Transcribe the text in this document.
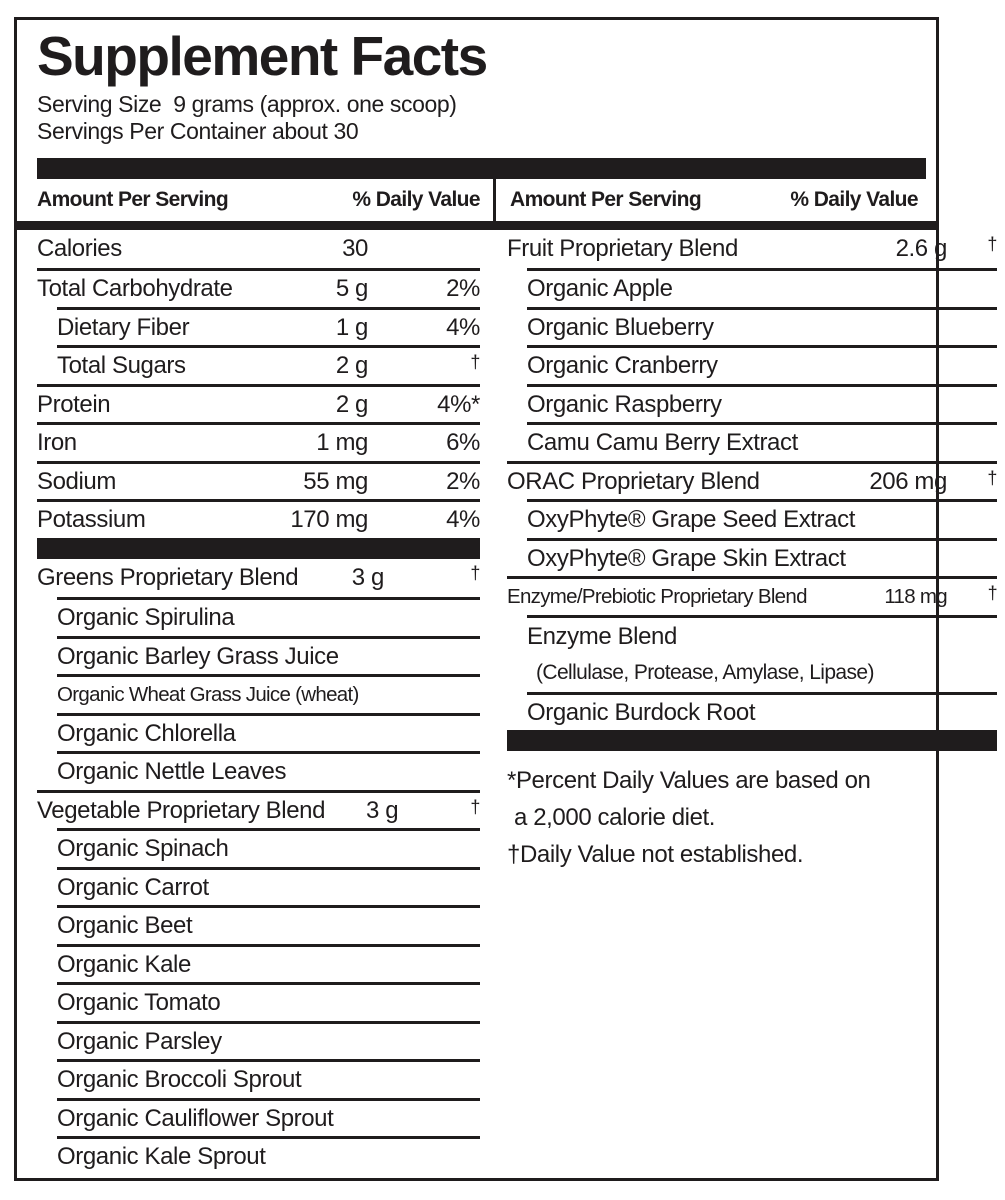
Supplement Facts
Serving Size  9 grams (approx. one scoop)
Servings Per Container about 30
Amount Per Serving	% Daily Value Amount Per Serving	% Daily Value
Calories	30
Total Carbohydrate	5 g	2%
Dietary Fiber	1 g	4%
Total Sugars	2 g	†
Protein	2 g	4%*
Iron	1 mg	6%
Sodium	55 mg	2%
Potassium	170 mg	4%
Greens Proprietary Blend	3 g	†
Organic Spirulina
Organic Barley Grass Juice
Organic Wheat Grass Juice (wheat)
Organic Chlorella
Organic Nettle Leaves
Vegetable Proprietary Blend	3 g	†
Organic Spinach
Organic Carrot
Organic Beet
Organic Kale
Organic Tomato
Organic Parsley
Organic Broccoli Sprout
Organic Cauliflower Sprout
Organic Kale Sprout
Fruit Proprietary Blend	2.6 g	†
Organic Apple
Organic Blueberry
Organic Cranberry
Organic Raspberry
Camu Camu Berry Extract
ORAC Proprietary Blend	206 mg	†
OxyPhyte® Grape Seed Extract
OxyPhyte® Grape Skin Extract
Enzyme/Prebiotic Proprietary Blend	118 mg	†
Enzyme Blend
(Cellulase, Protease, Amylase, Lipase)
Organic Burdock Root
*Percent Daily Values are based on
a 2,000 calorie diet.
†Daily Value not established.
